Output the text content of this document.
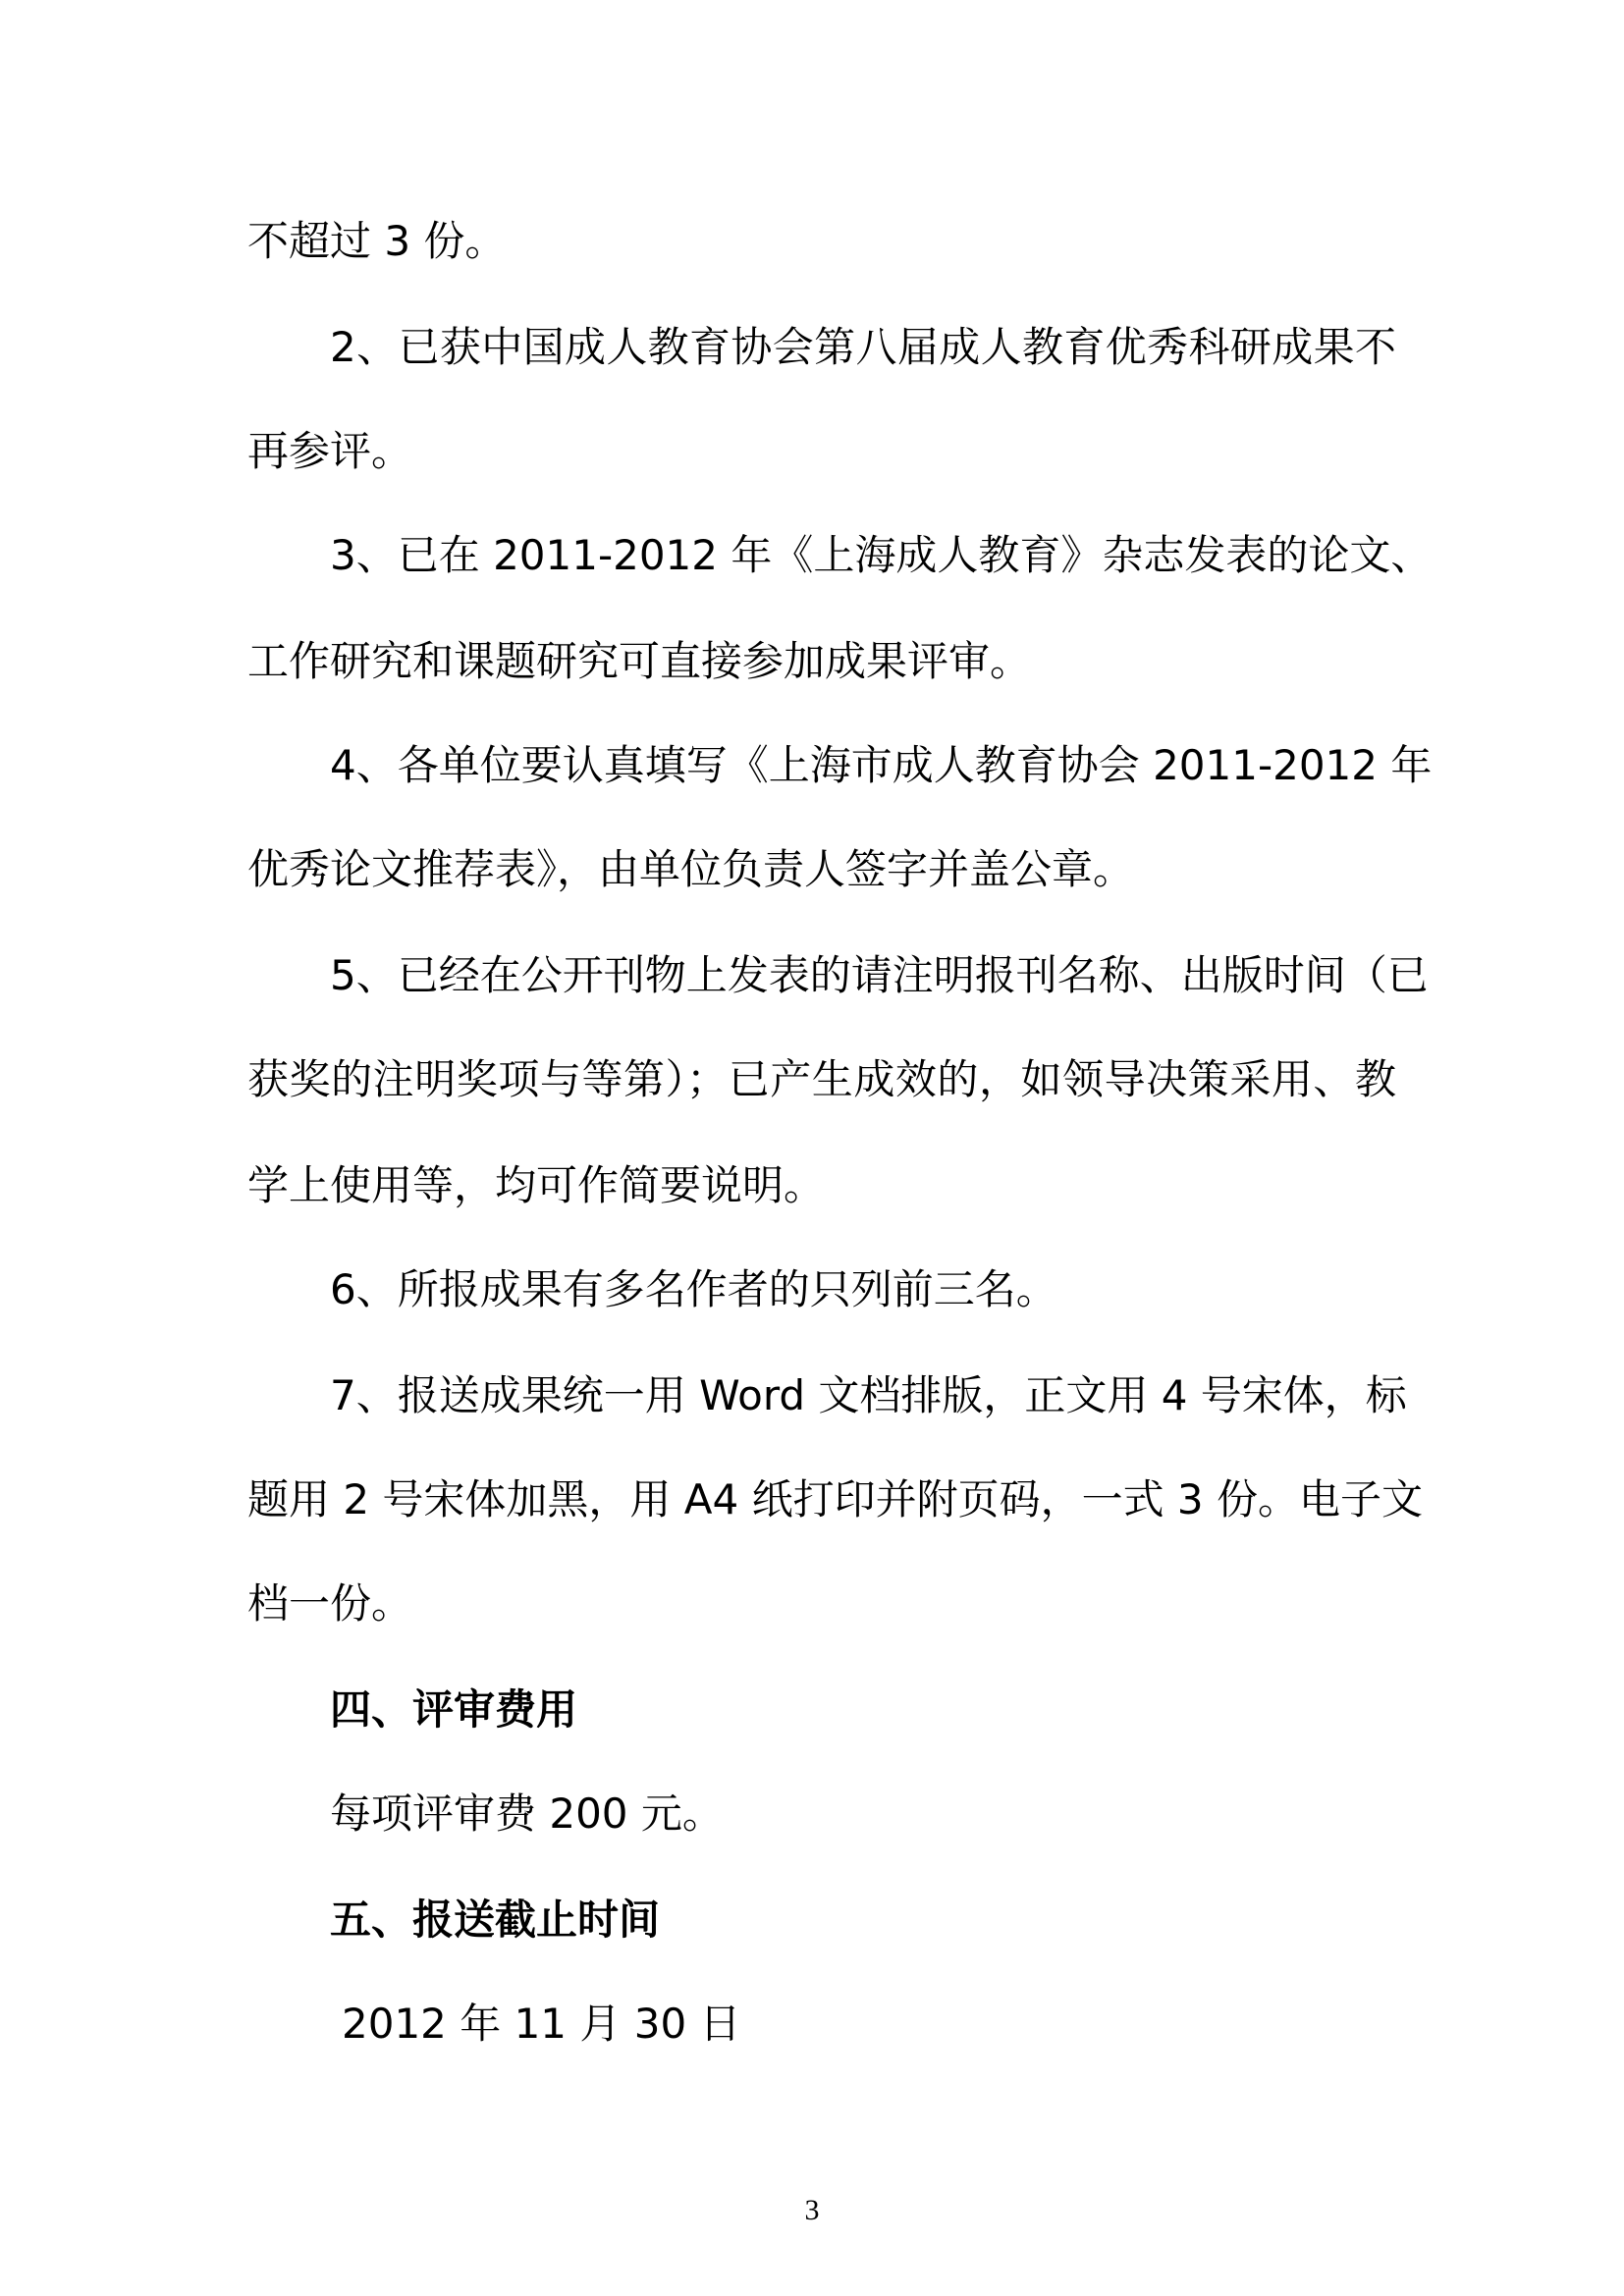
不超过 3 份。

2、已获中国成人教育协会第八届成人教育优秀科研成果不

再参评。

3、已在 2011-2012 年《上海成人教育》杂志发表的论文、

工作研究和课题研究可直接参加成果评审。

4、各单位要认真填写《上海市成人教育协会 2011-2012 年

优秀论文推荐表》，由单位负责人签字并盖公章。

5、已经在公开刊物上发表的请注明报刊名称、出版时间（已

获奖的注明奖项与等第）；已产生成效的，如领导决策采用、教

学上使用等，均可作简要说明。

6、所报成果有多名作者的只列前三名。

7、报送成果统一用 Word 文档排版，正文用 4 号宋体，标

题用 2 号宋体加黑，用 A4 纸打印并附页码，一式 3 份。电子文

档一份。

四、评审费用

每项评审费 200 元。

五、报送截止时间

2012 年 11 月 30 日

3
